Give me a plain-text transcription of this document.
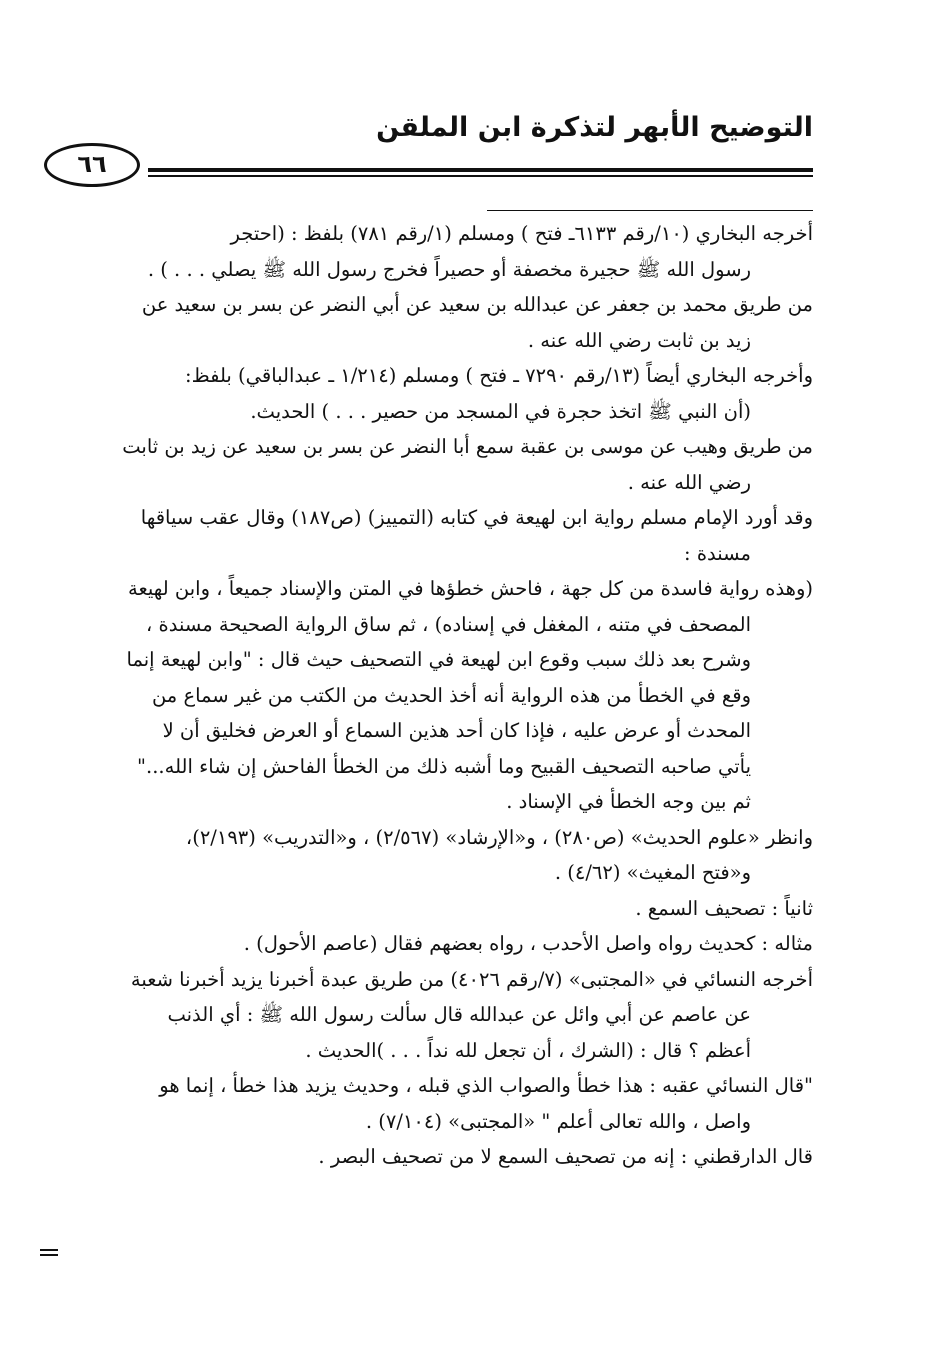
التوضيح الأبهر لتذكرة ابن الملقن
٦٦
أخرجه البخاري (١٠/رقم ٦١٣٣ـ فتح ) ومسلم (١/رقم ٧٨١) بلفظ : (احتجر
رسول الله ﷺ حجيرة مخصفة أو حصيراً فخرج رسول الله ﷺ يصلي . . . ) .
من طريق محمد بن جعفر عن عبدالله بن سعيد عن أبي النضر عن بسر بن سعيد عن
زيد بن ثابت رضي الله عنه .
وأخرجه البخاري أيضاً (١٣/رقم ٧٢٩٠ ـ فتح ) ومسلم (١/٢١٤ ـ عبدالباقي) بلفظ:
(أن النبي ﷺ اتخذ حجرة في المسجد من حصير . . . ) الحديث.
من طريق وهيب عن موسى بن عقبة سمع أبا النضر عن بسر بن سعيد عن زيد بن ثابت
رضي الله عنه .
وقد أورد الإمام مسلم رواية ابن لهيعة في كتابه (التمييز) (ص١٨٧) وقال عقب سياقها
مسندة :
(وهذه رواية فاسدة من كل جهة ، فاحش خطؤها في المتن والإسناد جميعاً ، وابن لهيعة
المصحف في متنه ، المغفل في إسناده) ، ثم ساق الرواية الصحيحة مسندة ،
وشرح بعد ذلك سبب وقوع ابن لهيعة في التصحيف حيث قال : "وابن لهيعة إنما
وقع في الخطأ من هذه الرواية أنه أخذ الحديث من الكتب من غير سماع من
المحدث أو عرض عليه ، فإذا كان أحد هذين السماع أو العرض فخليق أن لا
يأتي صاحبه التصحيف القبيح وما أشبه ذلك من الخطأ الفاحش إن شاء الله..."
ثم بين وجه الخطأ في الإسناد .
وانظر «علوم الحديث» (ص٢٨٠) ، و«الإرشاد» (٢/٥٦٧) ، و«التدريب» (٢/١٩٣)،
و«فتح المغيث» (٤/٦٢) .
ثانياً : تصحيف السمع .
مثاله : كحديث رواه واصل الأحدب ، رواه بعضهم فقال (عاصم الأحول) .
أخرجه النسائي في «المجتبى» (٧/رقم ٤٠٢٦) من طريق عبدة أخبرنا يزيد أخبرنا شعبة
عن عاصم عن أبي وائل عن عبدالله قال سألت رسول الله ﷺ : أي الذنب
أعظم ؟ قال : (الشرك ، أن تجعل لله نداً . . . )الحديث .
"قال النسائي عقبه : هذا خطأ والصواب الذي قبله ، وحديث يزيد هذا خطأ ، إنما هو
واصل ، والله تعالى أعلم " «المجتبى» (٧/١٠٤) .
قال الدارقطني : إنه من تصحيف السمع لا من تصحيف البصر .
